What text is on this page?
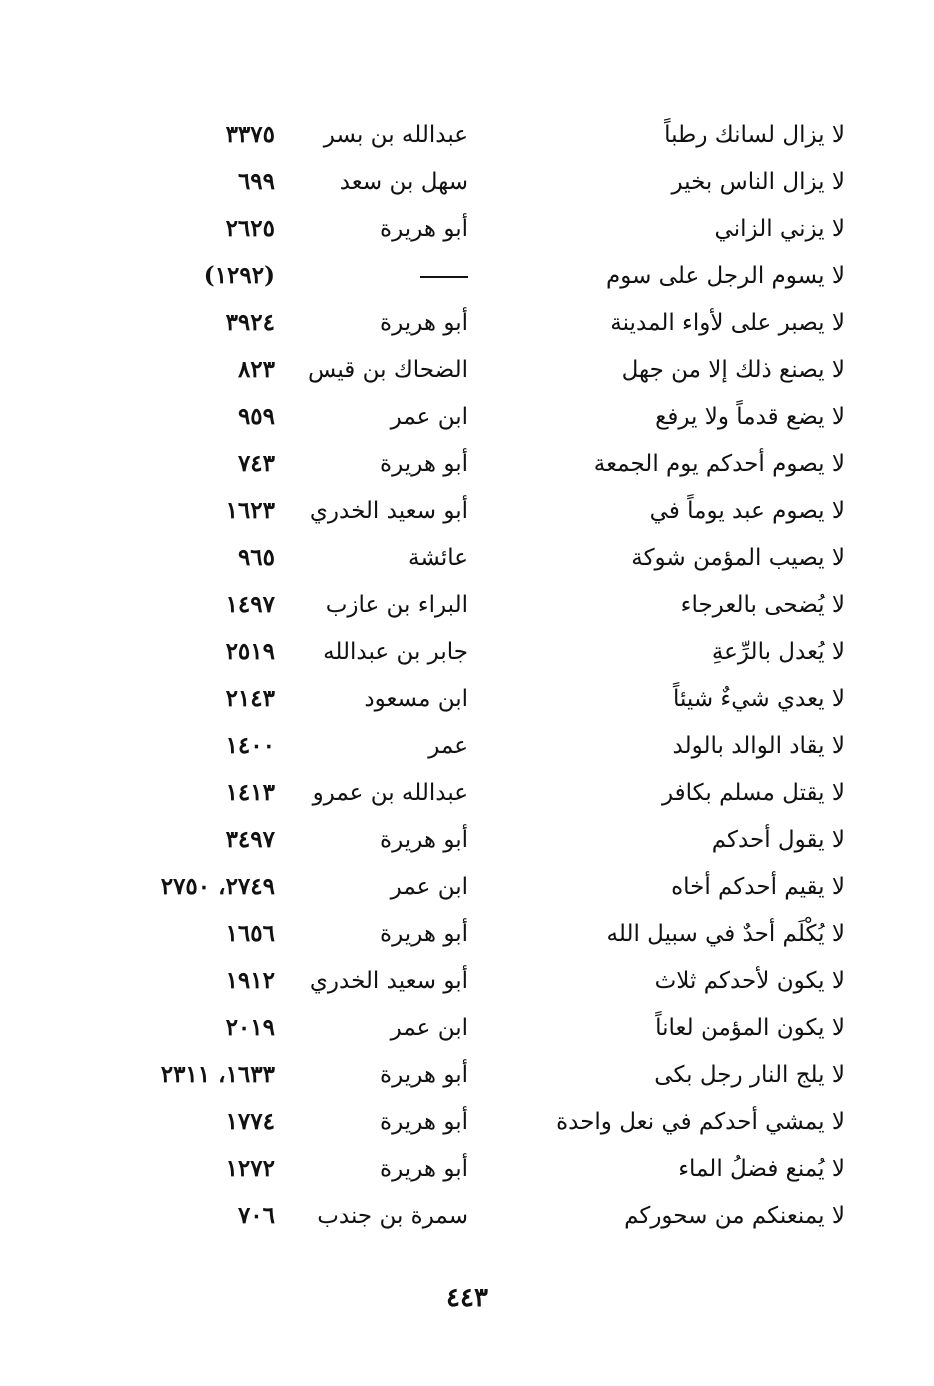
لا يزال لسانك رطباً
عبدالله بن بسر
٣٣٧٥
لا يزال الناس بخير
سهل بن سعد
٦٩٩
لا يزني الزاني
أبو هريرة
٢٦٢٥
لا يسوم الرجل على سوم
(١٢٩٢)
لا يصبر على لأواء المدينة
أبو هريرة
٣٩٢٤
لا يصنع ذلك إلا من جهل
الضحاك بن قيس
٨٢٣
لا يضع قدماً ولا يرفع
ابن عمر
٩٥٩
لا يصوم أحدكم يوم الجمعة
أبو هريرة
٧٤٣
لا يصوم عبد يوماً في
أبو سعيد الخدري
١٦٢٣
لا يصيب المؤمن شوكة
عائشة
٩٦٥
لا يُضحى بالعرجاء
البراء بن عازب
١٤٩٧
لا يُعدل بالرِّعةِ
جابر بن عبدالله
٢٥١٩
لا يعدي شيءٌ شيئاً
ابن مسعود
٢١٤٣
لا يقاد الوالد بالولد
عمر
١٤٠٠
لا يقتل مسلم بكافر
عبدالله بن عمرو
١٤١٣
لا يقول أحدكم
أبو هريرة
٣٤٩٧
لا يقيم أحدكم أخاه
ابن عمر
٢٧٤٩، ٢٧٥٠
لا يُكْلَم أحدٌ في سبيل الله
أبو هريرة
١٦٥٦
لا يكون لأحدكم ثلاث
أبو سعيد الخدري
١٩١٢
لا يكون المؤمن لعاناً
ابن عمر
٢٠١٩
لا يلج النار رجل بكى
أبو هريرة
١٦٣٣، ٢٣١١
لا يمشي أحدكم في نعل واحدة
أبو هريرة
١٧٧٤
لا يُمنع فضلُ الماء
أبو هريرة
١٢٧٢
لا يمنعنكم من سحوركم
سمرة بن جندب
٧٠٦
٤٤٣
